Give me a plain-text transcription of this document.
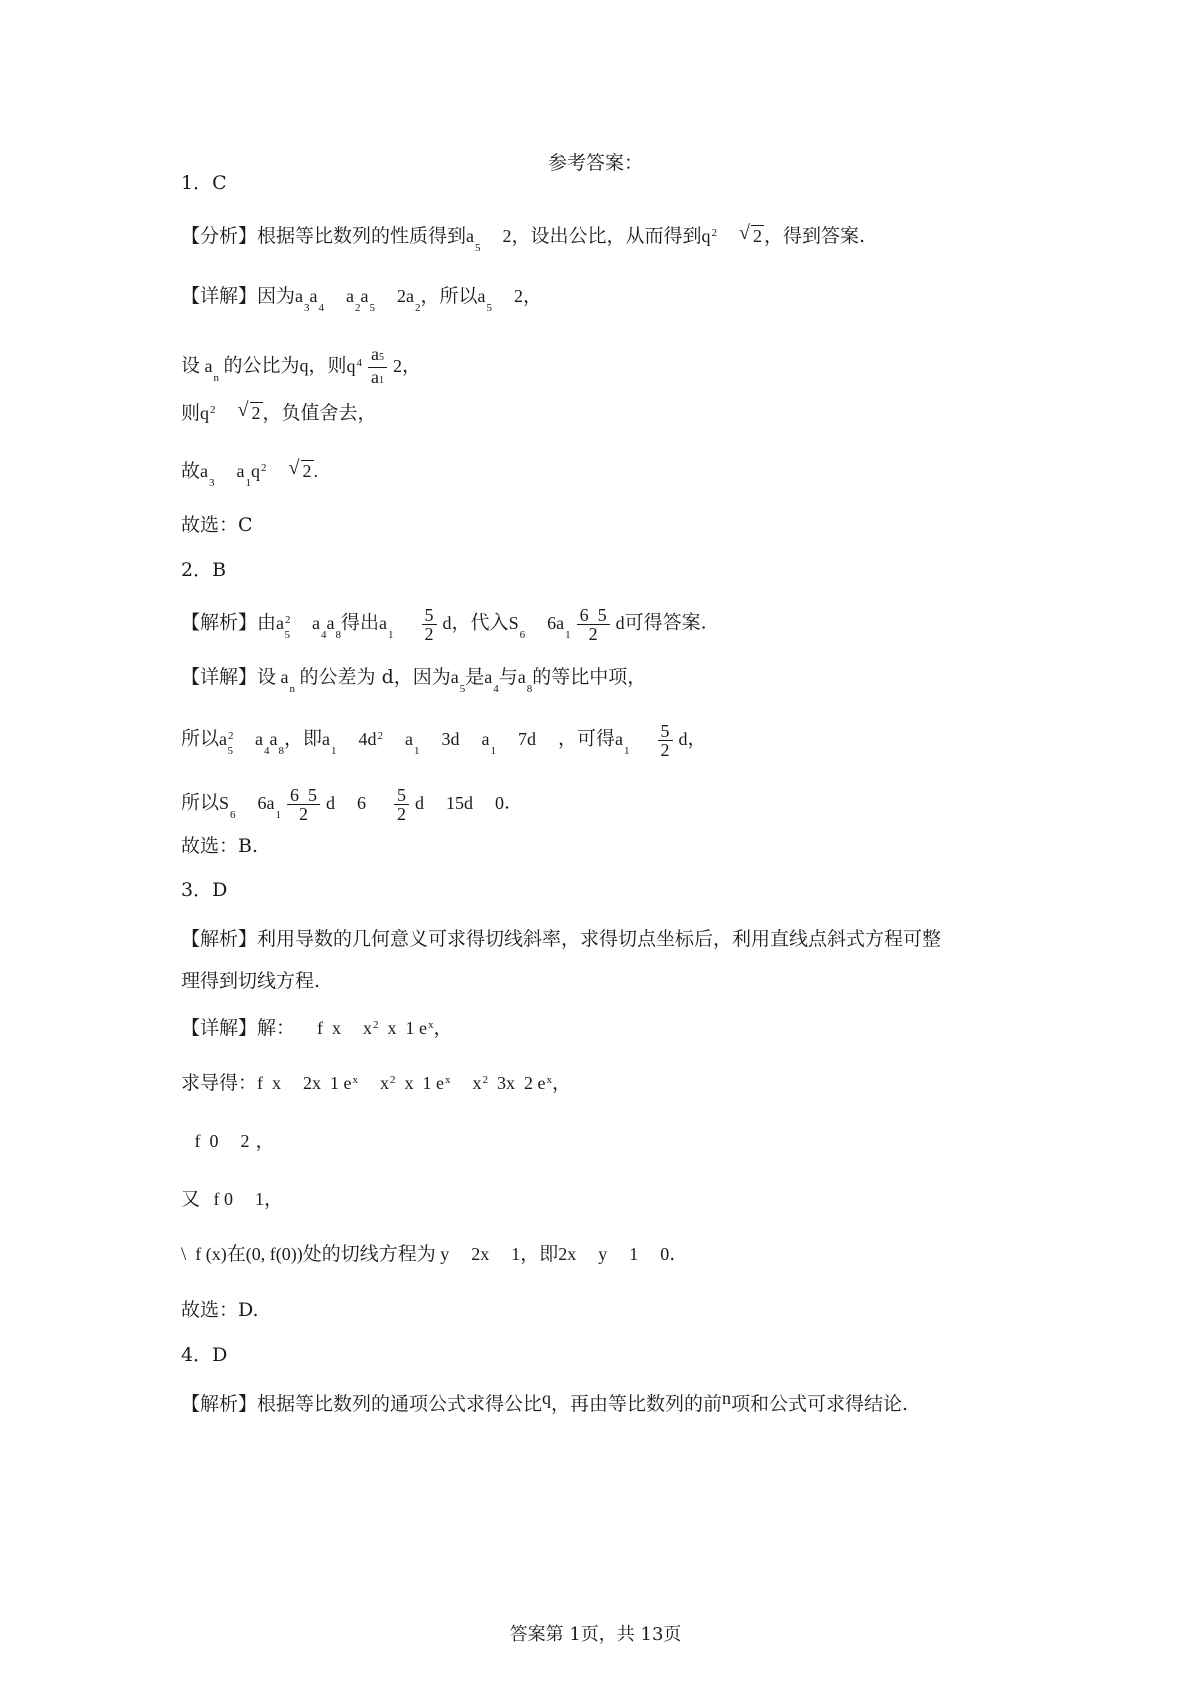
参考答案：
1．C
【分析】根据等比数列的性质得到$a_52$，设出公比，从而得到$q^2$ √ 2 ，得到答案.
【详解】因为$a_3a_4a_2a_52a_2$，所以$a_52$，
设 $a_n$ 的公比为q，则$q^4 \frac{a5}{a1} 2$，
则$q^2$ √ 2 ，负值舍去，
故$a_3a_1q^2$ √ 2 .
故选：C
2．B
【解析】由$a^2_5a_4a_8$得出$a_1 \frac{5}{2}$ d，代入$S_66a_1 \frac{6 5}{2}$ d可得答案.
【详解】设 $a_n$ 的公差为 d，因为$a_5$是$a_4$与$a_8$的等比中项，
所以$a^2_5a_4a_8$，即$a_14d^2$ $a_13d$ $a_17d$ ，可得$a_1 \frac{5}{2}$ d，
所以$S_66a_1 \frac{6 5}{2}$ d $6 \frac{5}{2}$ d 15d 0.
故选：B.
3．D
【解析】利用导数的几何意义可求得切线斜率，求得切点坐标后，利用直线点斜式方程可整
理得到切线方程.
【详解】解： f  x $x^2$  x  1 $e^x$，
求导得：f  x 2x  1 $e^x$ $x^2$  x  1 $e^x$ $x^2$  3x  2 $e^x$，
f  0 2 ，
又   f 0 1，
\  f (x)在(0, f(0))处的切线方程为 y 2x 1，即2x y 1 0.
故选：D.
4．D
【解析】根据等比数列的通项公式求得公比q，再由等比数列的前n项和公式可求得结论.
答案第 1页，共 13页
